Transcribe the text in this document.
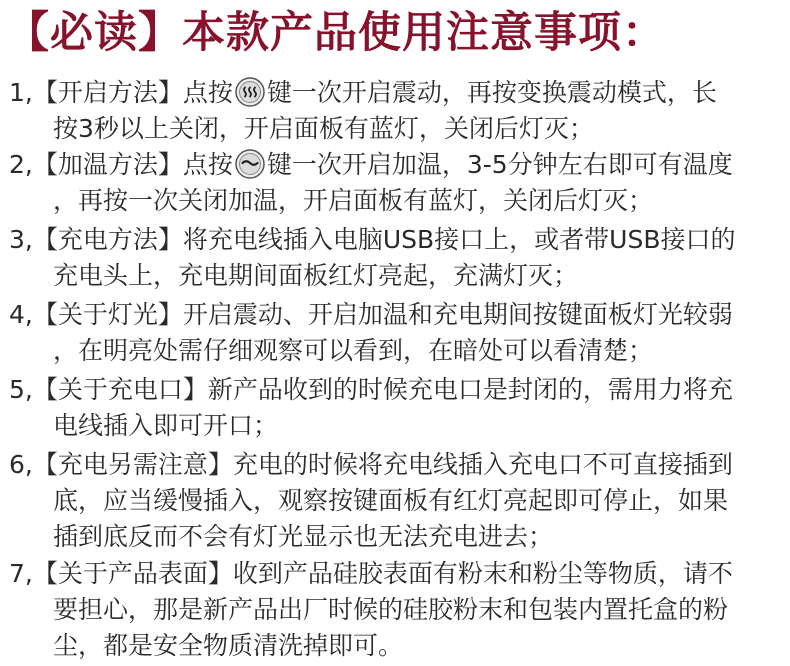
【必读】本款产品使用注意事项：
1,【开启方法】点按 键一次开启震动，再按变换震动模式，长
按3秒以上关闭，开启面板有蓝灯，关闭后灯灭；
2,【加温方法】点按 键一次开启加温，3-5分钟左右即可有温度
，再按一次关闭加温，开启面板有蓝灯，关闭后灯灭；
3,【充电方法】将充电线插入电脑USB接口上，或者带USB接口的
充电头上，充电期间面板红灯亮起，充满灯灭；
4,【关于灯光】开启震动、开启加温和充电期间按键面板灯光较弱
，在明亮处需仔细观察可以看到，在暗处可以看清楚；
5,【关于充电口】新产品收到的时候充电口是封闭的，需用力将充
电线插入即可开口；
6,【充电另需注意】充电的时候将充电线插入充电口不可直接插到
底，应当缓慢插入，观察按键面板有红灯亮起即可停止，如果
插到底反而不会有灯光显示也无法充电进去；
7,【关于产品表面】收到产品硅胶表面有粉末和粉尘等物质，请不
要担心，那是新产品出厂时候的硅胶粉末和包装内置托盒的粉
尘，都是安全物质清洗掉即可。
